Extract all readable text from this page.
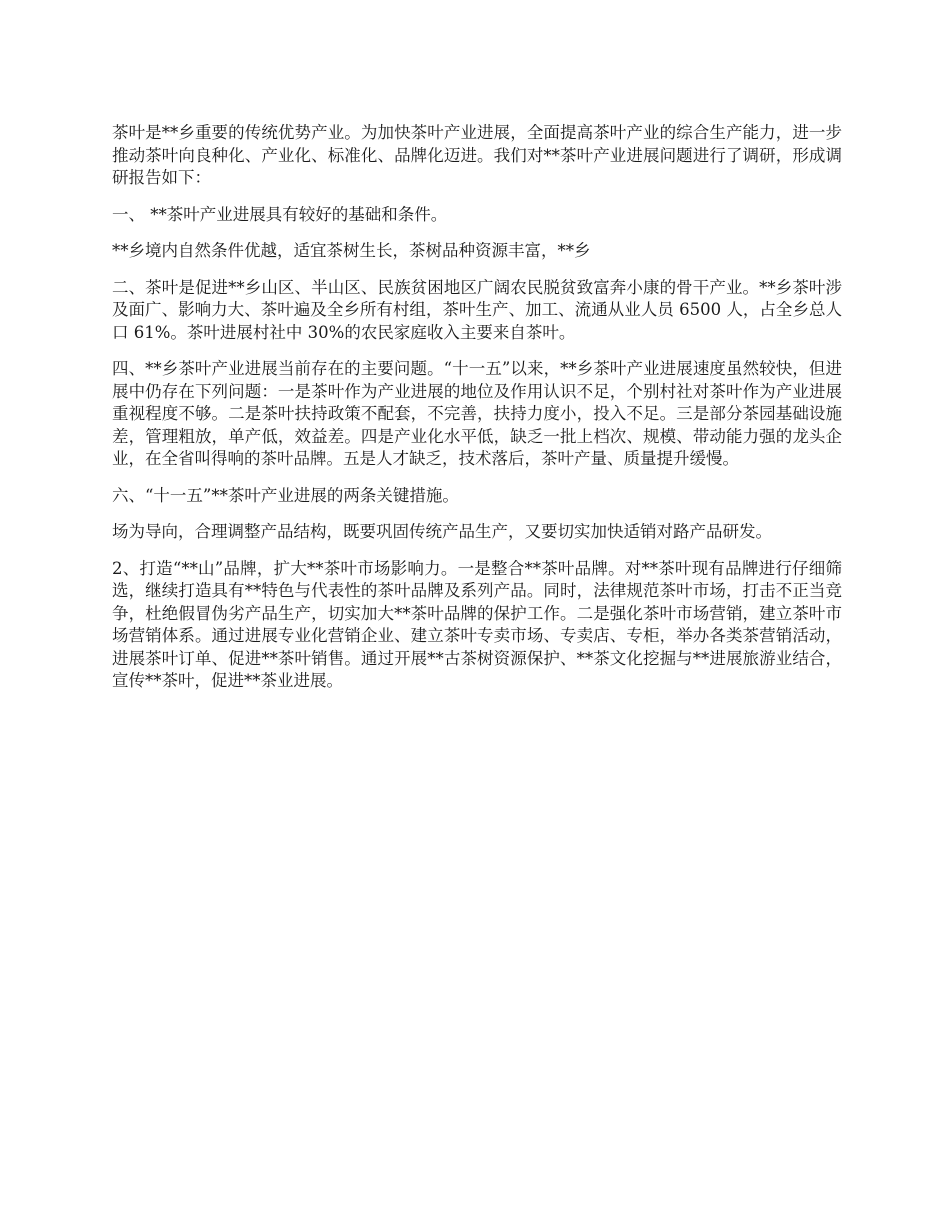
茶叶是**乡重要的传统优势产业。为加快茶叶产业进展，全面提高茶叶产业的综合生产能力，进一步推动茶叶向良种化、产业化、标准化、品牌化迈进。我们对**茶叶产业进展问题进行了调研，形成调研报告如下：

一、 **茶叶产业进展具有较好的基础和条件。

**乡境内自然条件优越，适宜茶树生长，茶树品种资源丰富，**乡

二、茶叶是促进**乡山区、半山区、民族贫困地区广阔农民脱贫致富奔小康的骨干产业。**乡茶叶涉及面广、影响力大、茶叶遍及全乡所有村组，茶叶生产、加工、流通从业人员 6500 人，占全乡总人口 61%。茶叶进展村社中 30%的农民家庭收入主要来自茶叶。

四、**乡茶叶产业进展当前存在的主要问题。“十一五”以来，**乡茶叶产业进展速度虽然较快，但进展中仍存在下列问题：一是茶叶作为产业进展的地位及作用认识不足，个别村社对茶叶作为产业进展重视程度不够。二是茶叶扶持政策不配套，不完善，扶持力度小，投入不足。三是部分茶园基础设施差，管理粗放，单产低，效益差。四是产业化水平低，缺乏一批上档次、规模、带动能力强的龙头企业，在全省叫得响的茶叶品牌。五是人才缺乏，技术落后，茶叶产量、质量提升缓慢。

六、“十一五”**茶叶产业进展的两条关键措施。

场为导向，合理调整产品结构，既要巩固传统产品生产，又要切实加快适销对路产品研发。

2、打造“**山”品牌，扩大**茶叶市场影响力。一是整合**茶叶品牌。对**茶叶现有品牌进行仔细筛选，继续打造具有**特色与代表性的茶叶品牌及系列产品。同时，法律规范茶叶市场，打击不正当竞争，杜绝假冒伪劣产品生产，切实加大**茶叶品牌的保护工作。二是强化茶叶市场营销，建立茶叶市场营销体系。通过进展专业化营销企业、建立茶叶专卖市场、专卖店、专柜，举办各类茶营销活动，进展茶叶订单、促进**茶叶销售。通过开展**古茶树资源保护、**茶文化挖掘与**进展旅游业结合，宣传**茶叶，促进**茶业进展。
